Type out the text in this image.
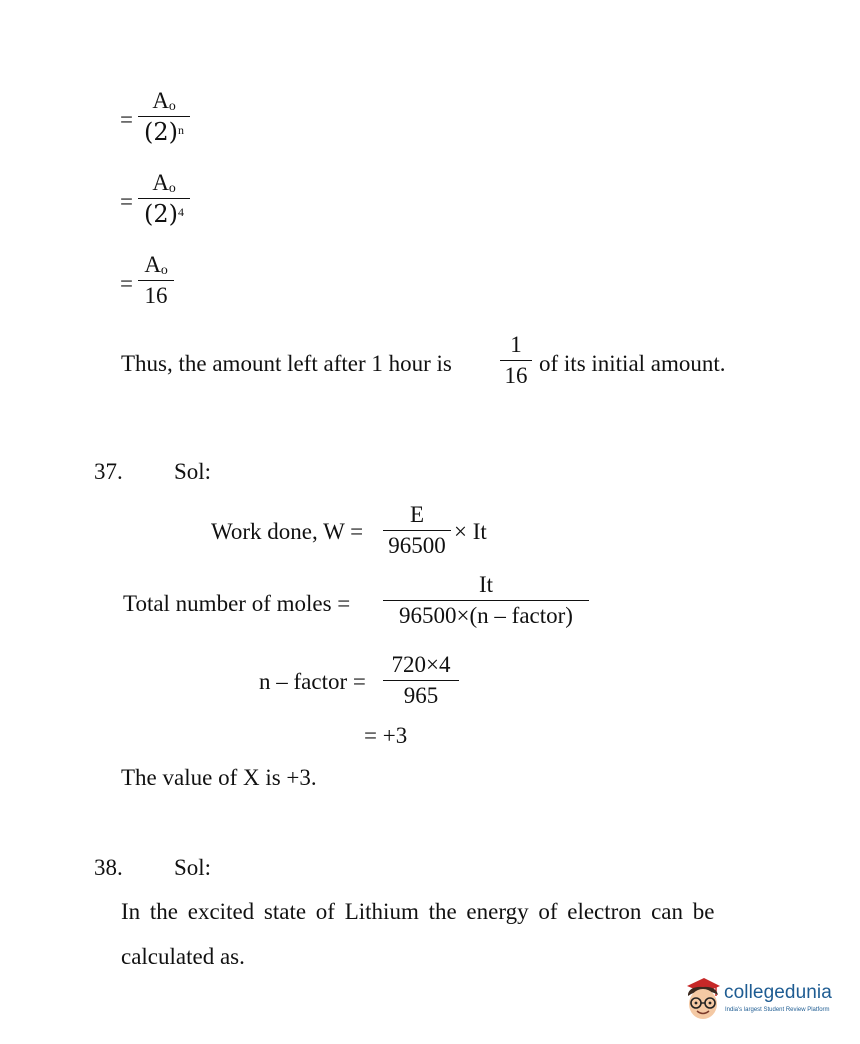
=
Aₒ
$(2)^n$
=
Aₒ
$(2)^4$
=
Aₒ
16
Thus, the amount left after 1 hour is
1
16 of its initial amount.
37. Sol:
Work done, W =
E
96500
× It
Total number of moles =
It
96500×(n – factor)
n – factor =
720×4
965
= +3
The value of X is +3.
38. Sol:
In the excited state of Lithium the energy of electron can be
calculated as.
collegedunia
India's largest Student Review Platform
